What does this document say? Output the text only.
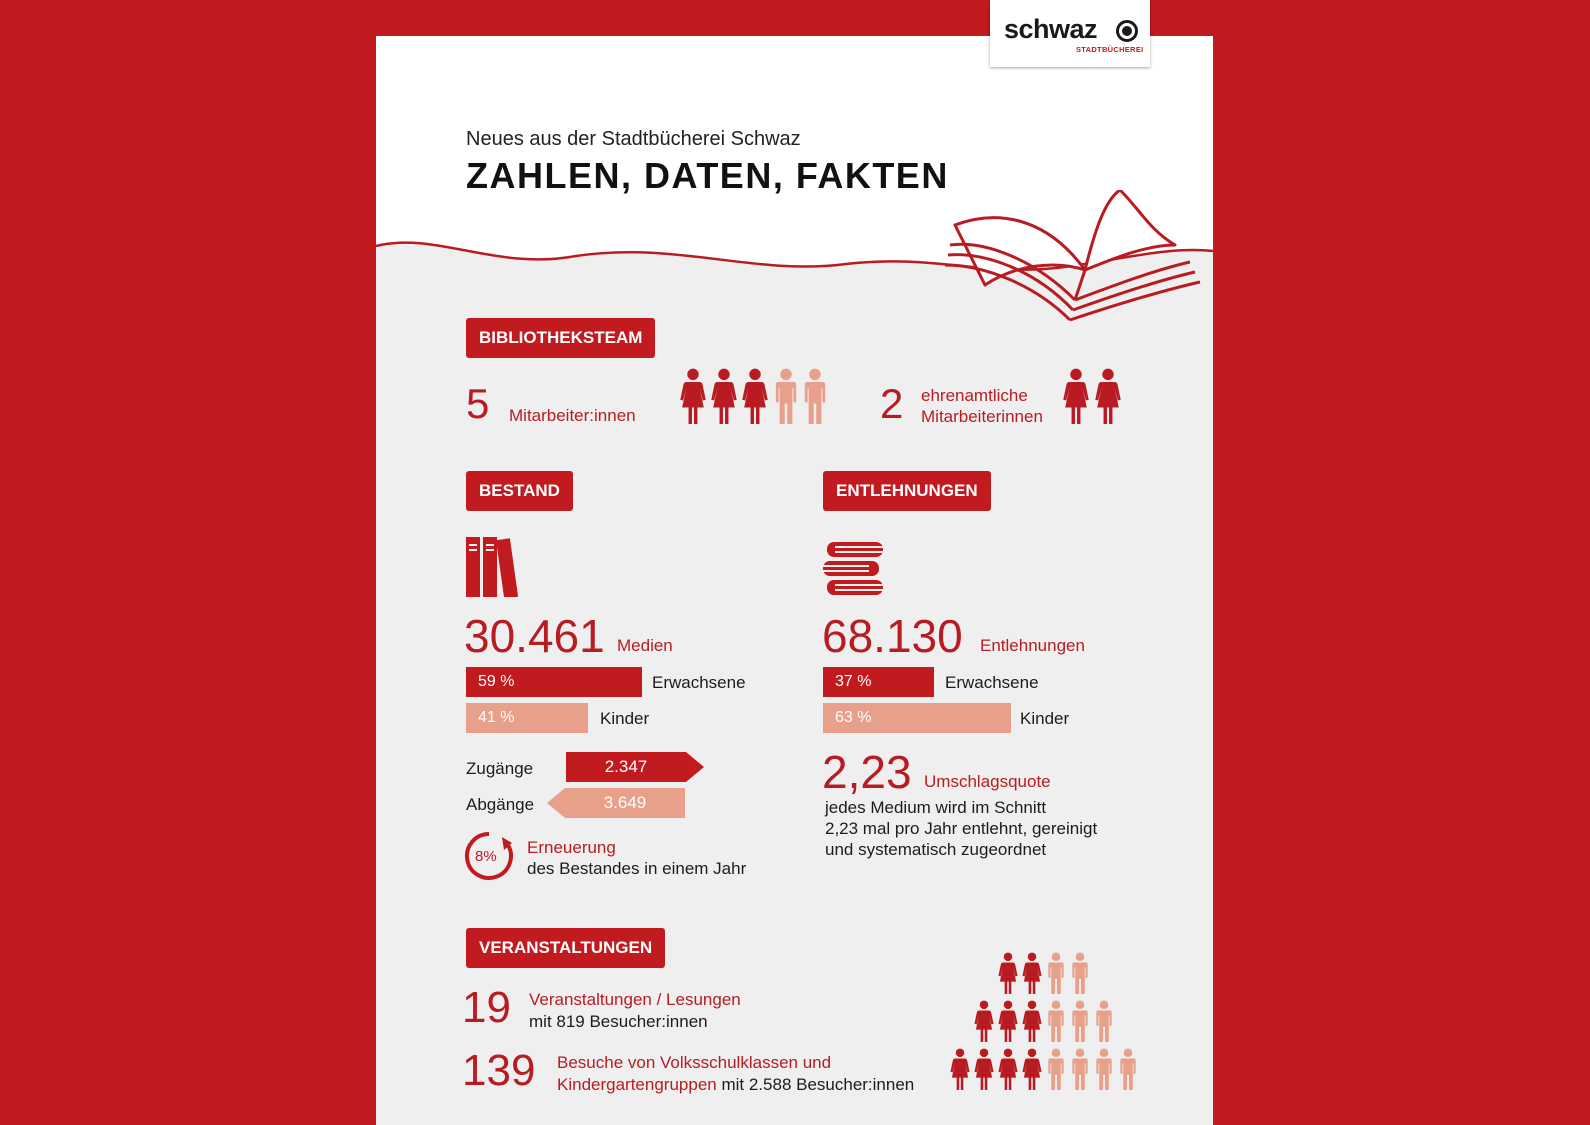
schwaz
STADTBÜCHEREI
Neues aus der Stadtbücherei Schwaz
ZAHLEN, DATEN, FAKTEN
BIBLIOTHEKSTEAM
5 Mitarbeiter:innen	2 ehrenamtliche
Mitarbeiterinnen
BESTAND
30.461 Medien
59 %	Erwachsene
41 %	Kinder
Zugänge	2.347
Abgänge	3.649
8% Erneuerung
des Bestandes in einem Jahr
ENTLEHNUNGEN
68.130 Entlehnungen
37 %	Erwachsene
63 %	Kinder
2,23 Umschlagsquote
jedes Medium wird im Schnitt
2,23 mal pro Jahr entlehnt, gereinigt
und systematisch zugeordnet
VERANSTALTUNGEN
19 Veranstaltungen / Lesungen
mit 819 Besucher:innen
139 Besuche von Volksschulklassen und
Kindergartengruppen mit 2.588 Besucher:innen
